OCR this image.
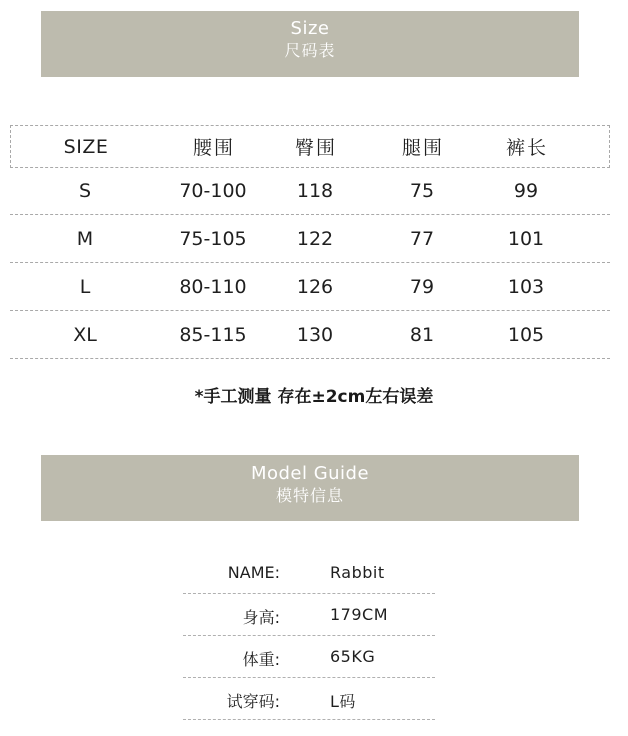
Size
尺码表
SIZE	腰围	臀围	腿围	裤长
S	70-100	118	75	99
M	75-105	122	77	101
L	80-110	126	79	103
XL	85-115	130	81	105
*手工测量 存在±2cm左右误差
Model Guide
模特信息
NAME:	Rabbit
身高:	179CM
体重:	65KG
试穿码:	L码
